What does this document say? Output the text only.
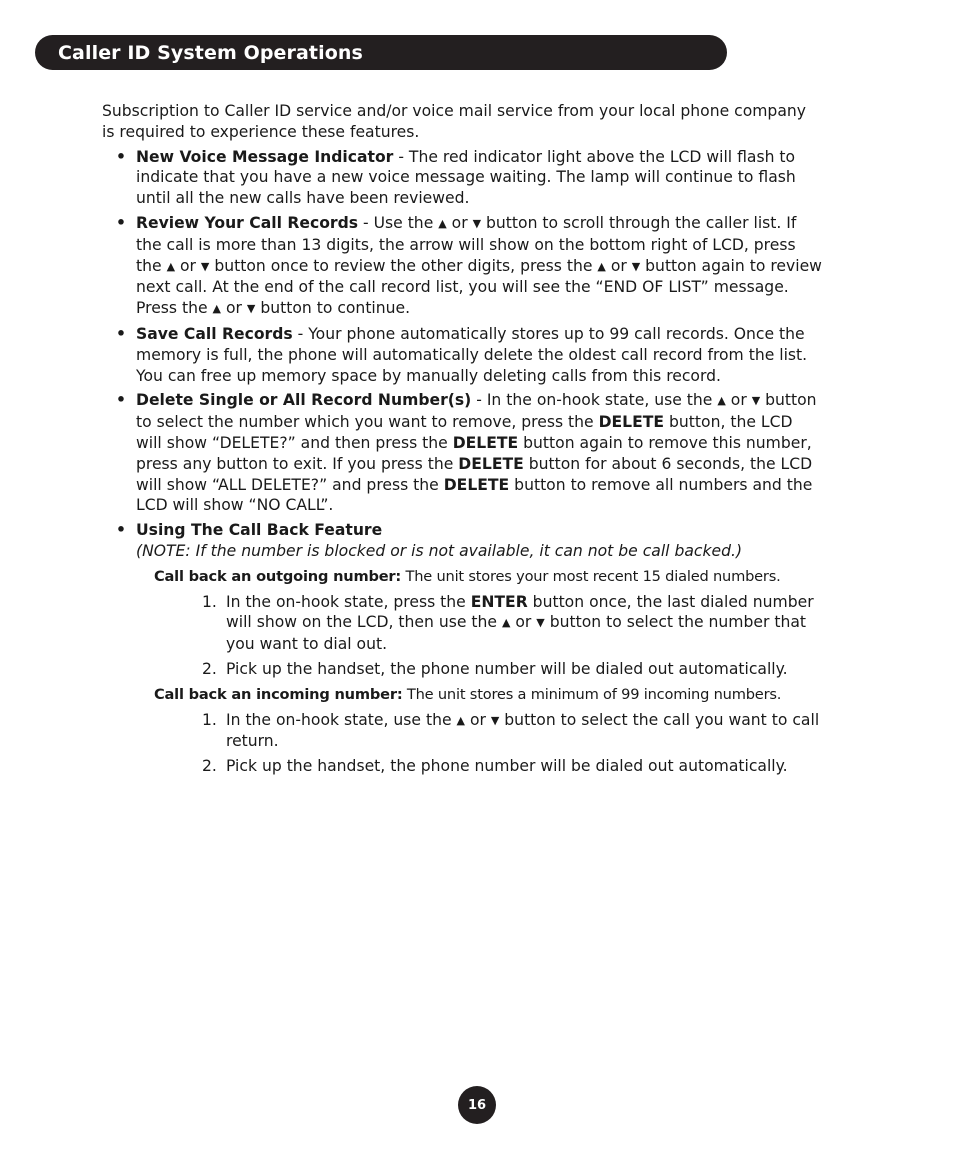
Caller ID System Operations

Subscription to Caller ID service and/or voice mail service from your local phone company is required to experience these features.

• New Voice Message Indicator - The red indicator light above the LCD will flash to indicate that you have a new voice message waiting. The lamp will continue to flash until all the new calls have been reviewed.
• Review Your Call Records - Use the ▲ or ▼ button to scroll through the caller list. If the call is more than 13 digits, the arrow will show on the bottom right of LCD, press the ▲ or ▼ button once to review the other digits, press the ▲ or ▼ button again to review next call. At the end of the call record list, you will see the “END OF LIST” message. Press the ▲ or ▼ button to continue.
• Save Call Records - Your phone automatically stores up to 99 call records. Once the memory is full, the phone will automatically delete the oldest call record from the list. You can free up memory space by manually deleting calls from this record.
• Delete Single or All Record Number(s) - In the on-hook state, use the ▲ or ▼ button to select the number which you want to remove, press the DELETE button, the LCD will show “DELETE?” and then press the DELETE button again to remove this number, press any button to exit. If you press the DELETE button for about 6 seconds, the LCD will show “ALL DELETE?” and press the DELETE button to remove all numbers and the LCD will show “NO CALL”.
• Using The Call Back Feature
(NOTE: If the number is blocked or is not available, it can not be call backed.)

Call back an outgoing number: The unit stores your most recent 15 dialed numbers.

1. In the on-hook state, press the ENTER button once, the last dialed number will show on the LCD, then use the ▲ or ▼ button to select the number that you want to dial out.
2. Pick up the handset, the phone number will be dialed out automatically.

Call back an incoming number: The unit stores a minimum of 99 incoming numbers.

1. In the on-hook state, use the ▲ or ▼ button to select the call you want to call return.
2. Pick up the handset, the phone number will be dialed out automatically.
16
